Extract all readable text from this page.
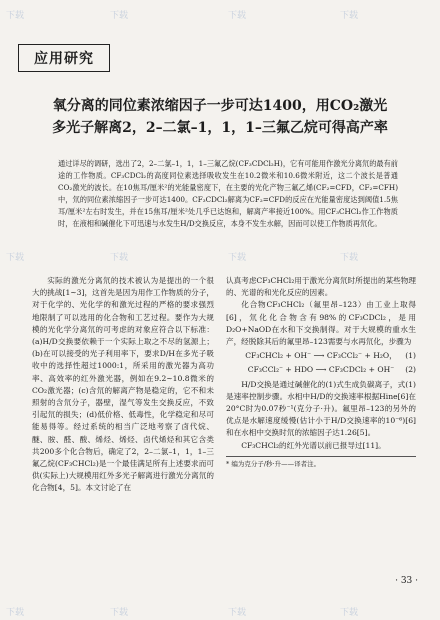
下载	下载	下载	下载
下载	下载	下载	下载
下载	下载	下载	下载
应用研究
氧分离的同位素浓缩因子一步可达1400，用CO₂激光
多光子解离2，2–二氯–1，1，1–三氟乙烷可得高产率
通过详尽的调研，选出了2，2–二氯–1，1，1–三氟乙烷(CF₃CDCl₂H)，它有可能用作激光分离氘的最有前途的工作物质。CF₃CDCl₂的高度同位素选择吸收发生在10.2微米和10.6微米附近，这二个波长是普通CO₂激光的波长。在10焦耳/厘米²的光能量密度下，在主要的光化产物三氟乙烯(CF₂=CFD，CF₂=CFH)中，氘的同位素浓缩因子一步可达1400。CF₃CDCl₂解离为CF₂=CFD的反应在光能量密度达到阈值1.5焦耳/厘米²左右时发生，并在15焦耳/厘米²处几乎已达饱和，解离产率接近100%。用CF₃CHCl₂作工作物质时，在液相和碱催化下可迅速与水发生H/D交换反应，本身不发生水解，因而可以使工作物质再氘化。

实际的激光分离氘的技术被认为是提出的一个很大的挑战[1~3]，这首先是因为用作工作物质的分子，对于化学的、光化学的和激光过程的严格的要求强烈地限制了可以选用的化合物和工艺过程。要作为大规模的光化学分离氘的可考虑的对象应符合以下标准：(a)H/D交换要依赖于一个实际上取之不尽的氢源上；(b)在可以接受的光子利用率下，要求D/H在多光子吸收中的选择性超过1000:1，所采用的激光器为高功率、高效率的红外激光器，例如在9.2~10.8微米的CO₂激光器；(c)含氘的解离产物是稳定的，它不和未照射的含氘分子，器壁，湿气等发生交换反应，不致引起氘的损失；(d)低价格、低毒性，化学稳定和尽可能易得等。经过系统的相当广泛地考察了卤代烷、醚、胺、醛、酸、烯烃、烯烃、卤代烯烃和其它含类共200多个化合物后，确定了2，2–二氯–1，1，1–三氟乙烷(CF₃CHCl₂)是一个最佳满足所有上述要求而可供(实际上)大规模用红外多光子解离进行激光分离氘的化合物[4，5]。本文讨论了在

认真考虑CF₃CHCl₂用于激光分离氘时所提出的某些物理的、光谱的和光化反应的因素。

化合物CF₃CHCl₂（氟里昂–123）由工业上取得[6]，氘化化合物含有98%的CF₃CDCl₂，是用D₂O+NaOD在水和下交换制得。对于大规模的重水生产，经脱除其后的氟里昂–123需要与水再氘化，步骤为

CF₃CHCl₂ + OH⁻ ⟶ CF₃CCl₂⁻ + H₂O， (1)
CF₃CCl₂⁻ + HDO ⟶ CF₃CDCl₂ + OH⁻ (2)

H/D交换是通过碱催化的(1)式生成负碳离子，式(1)是速率控制步骤。水相中H/D的交换速率根据Hine[6]在20°C时为0.07秒⁻¹(克分子·升)。氟里昂–123的另外的优点是水解速度缓慢(估计小于H/D交换速率的10⁻⁶)[6]和在水相中交换时氘的浓缩因子达1.26[5]。

CF₃CHCl₂的红外光谱以前已报导过[11]。

* 编为克分子/秒·升——译者注。
· 33 ·
